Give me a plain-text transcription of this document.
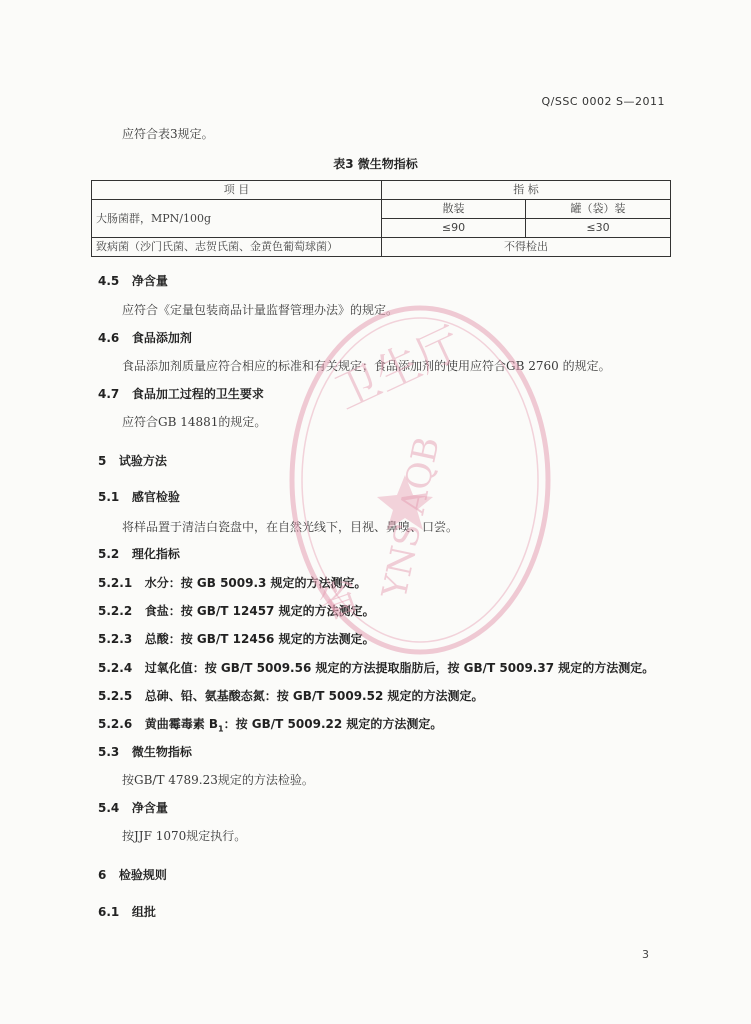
Q/SSC 0002 S—2011
应符合表3规定。
表3 微生物指标
项 目	指 标	
大肠菌群，MPN/100g	散装	罐（袋）装
	≤90	≤30
致病菌（沙门氏菌、志贺氏菌、金黄色葡萄球菌）	不得检出	
4.5 净含量
应符合《定量包装商品计量监督管理办法》的规定。
4.6 食品添加剂
食品添加剂质量应符合相应的标准和有关规定；食品添加剂的使用应符合GB 2760 的规定。
4.7 食品加工过程的卫生要求
应符合GB 14881的规定。
5 试验方法
5.1 感官检验
将样品置于清洁白瓷盘中，在自然光线下，目视、鼻嗅、口尝。
5.2 理化指标
5.2.1 水分：按 GB 5009.3 规定的方法测定。
5.2.2 食盐：按 GB/T 12457 规定的方法测定。
5.2.3 总酸：按 GB/T 12456 规定的方法测定。
5.2.4 过氧化值：按 GB/T 5009.56 规定的方法提取脂肪后，按 GB/T 5009.37 规定的方法测定。
5.2.5 总砷、铅、氨基酸态氮：按 GB/T 5009.52 规定的方法测定。
5.2.6 黄曲霉毒素 $B_1$：按 GB/T 5009.22 规定的方法测定。
5.3 微生物指标
按GB/T 4789.23规定的方法检验。
5.4 净含量
按JJF 1070规定执行。
6 检验规则
6.1 组批
卫生厅
省 YNS AQB
3
